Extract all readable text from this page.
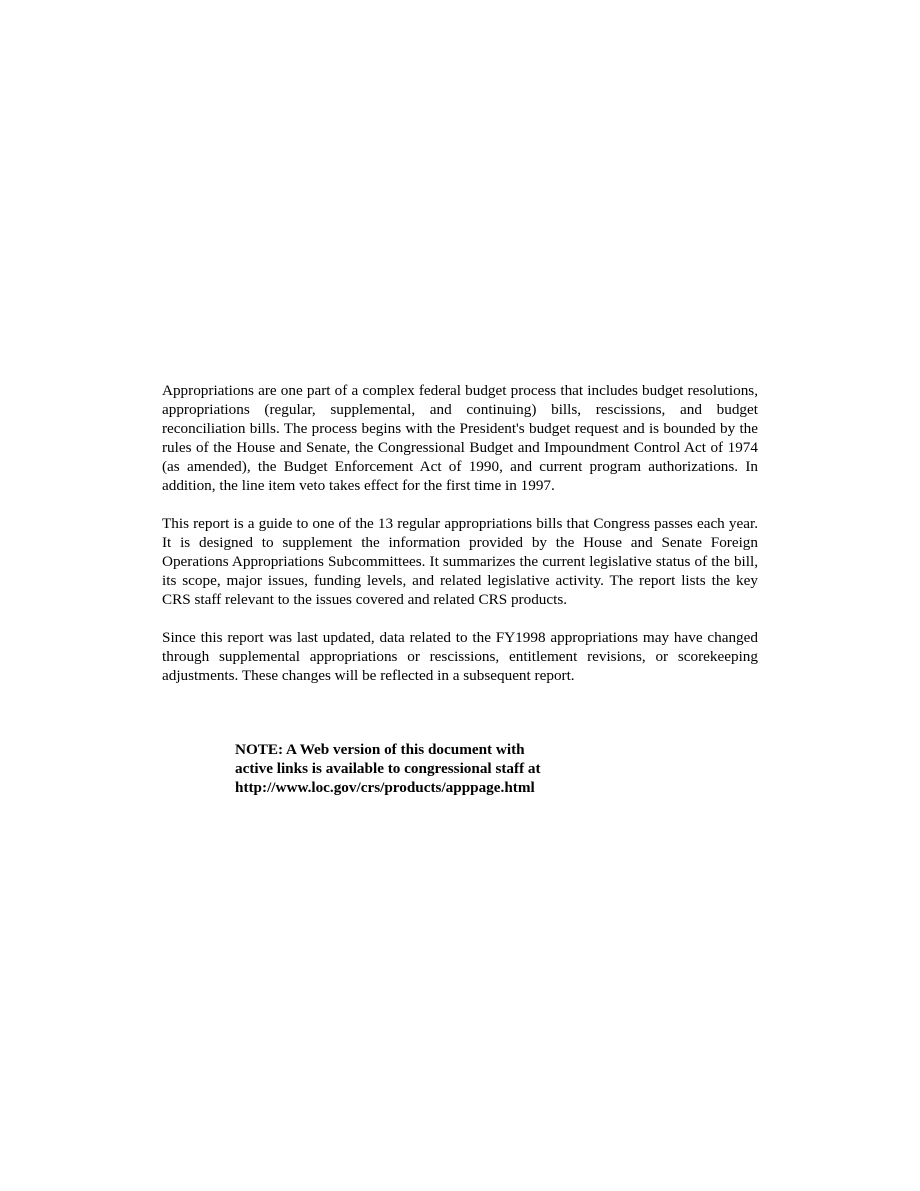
Appropriations are one part of a complex federal budget process that includes budget resolutions, appropriations (regular, supplemental, and continuing) bills, rescissions, and budget reconciliation bills. The process begins with the President's budget request and is bounded by the rules of the House and Senate, the Congressional Budget and Impoundment Control Act of 1974 (as amended), the Budget Enforcement Act of 1990, and current program authorizations. In addition, the line item veto takes effect for the first time in 1997.

This report is a guide to one of the 13 regular appropriations bills that Congress passes each year. It is designed to supplement the information provided by the House and Senate Foreign Operations Appropriations Subcommittees. It summarizes the current legislative status of the bill, its scope, major issues, funding levels, and related legislative activity. The report lists the key CRS staff relevant to the issues covered and related CRS products.

Since this report was last updated, data related to the FY1998 appropriations may have changed through supplemental appropriations or rescissions, entitlement revisions, or scorekeeping adjustments. These changes will be reflected in a subsequent report.

NOTE: A Web version of this document with
active links is available to congressional staff at
http://www.loc.gov/crs/products/apppage.html
